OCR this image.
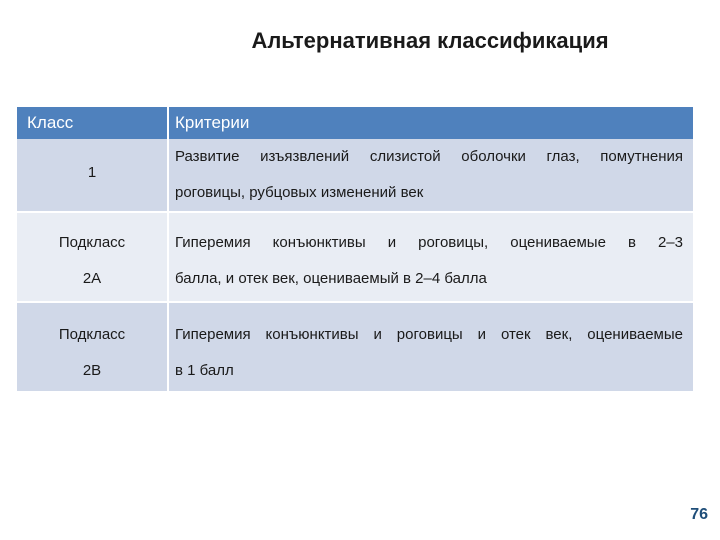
Альтернативная классификация
Класс	Критерии

1	Развитие изъязвлений слизистой оболочки глаз, помутнения
роговицы, рубцовых изменений век

Подкласс
2А	Гиперемия конъюнктивы и роговицы, оцениваемые в 2–3
балла, и отек век, оцениваемый в 2–4 балла

Подкласс
2В	Гиперемия конъюнктивы и роговицы и отек век, оцениваемые
в 1 балл
76
